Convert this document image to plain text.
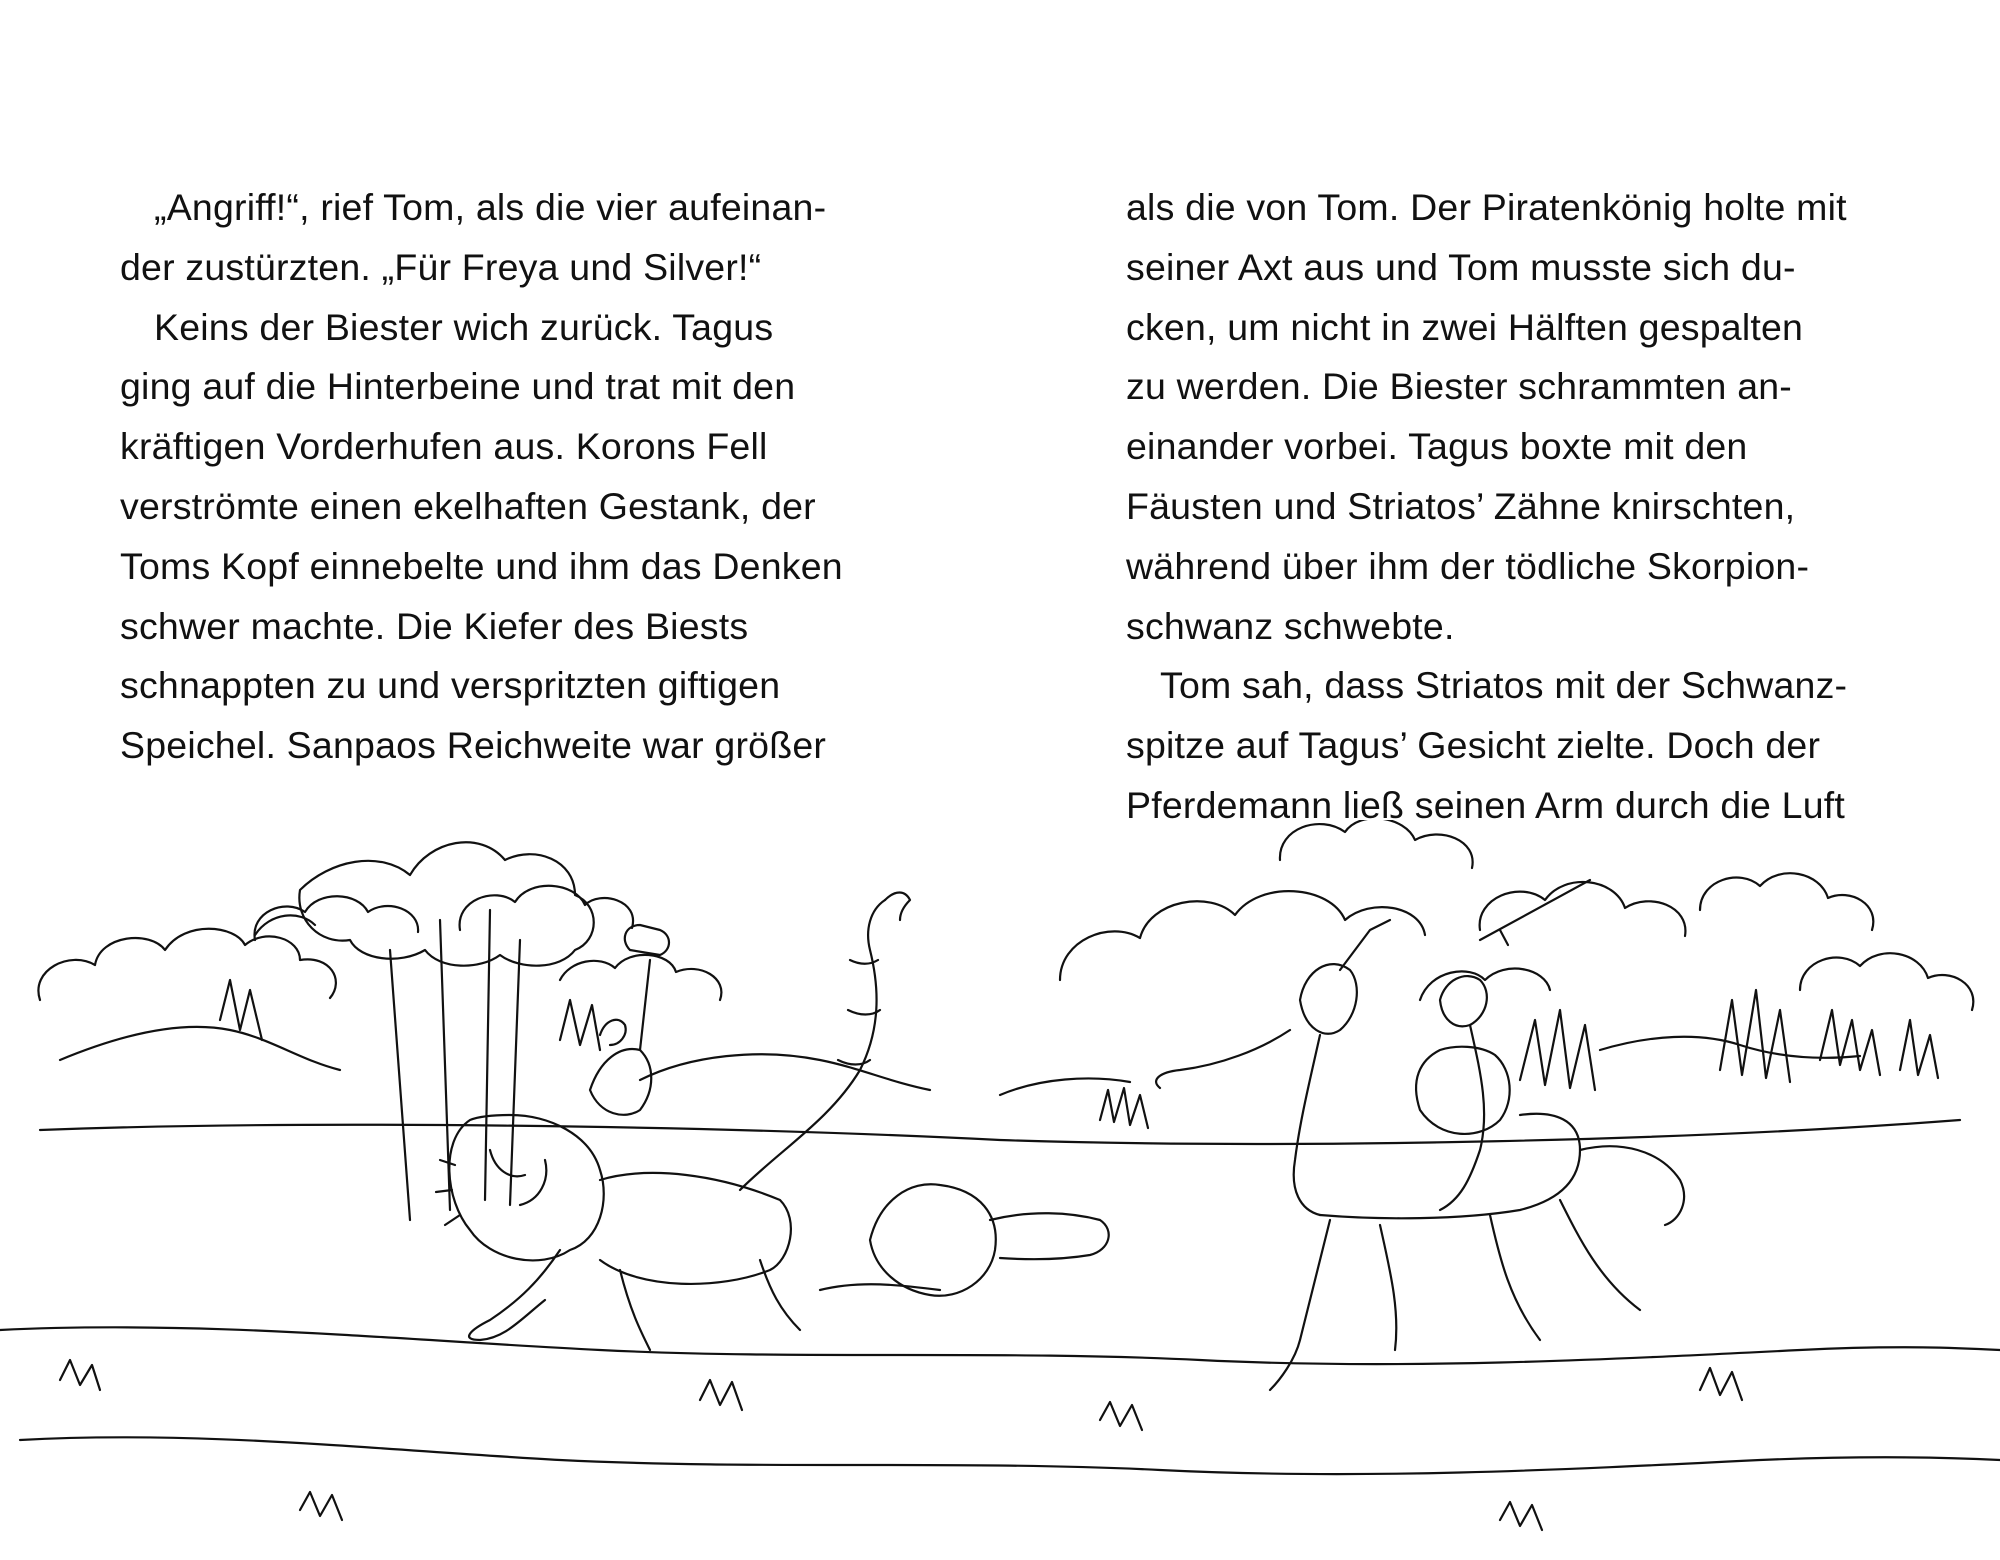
„Angriff!“, rief Tom, als die vier aufeinan-
der zustürzten. „Für Freya und Silver!“
Keins der Biester wich zurück. Tagus
ging auf die Hinterbeine und trat mit den
kräftigen Vorderhufen aus. Korons Fell
verströmte einen ekelhaften Gestank, der
Toms Kopf einnebelte und ihm das Denken
schwer machte. Die Kiefer des Biests
schnappten zu und verspritzten giftigen
Speichel. Sanpaos Reichweite war größer
als die von Tom. Der Piratenkönig holte mit
seiner Axt aus und Tom musste sich du-
cken, um nicht in zwei Hälften gespalten
zu werden. Die Biester schrammten an-
einander vorbei. Tagus boxte mit den
Fäusten und Striatos’ Zähne knirschten,
während über ihm der tödliche Skorpion-
schwanz schwebte.
Tom sah, dass Striatos mit der Schwanz-
spitze auf Tagus’ Gesicht zielte. Doch der
Pferdemann ließ seinen Arm durch die Luft
